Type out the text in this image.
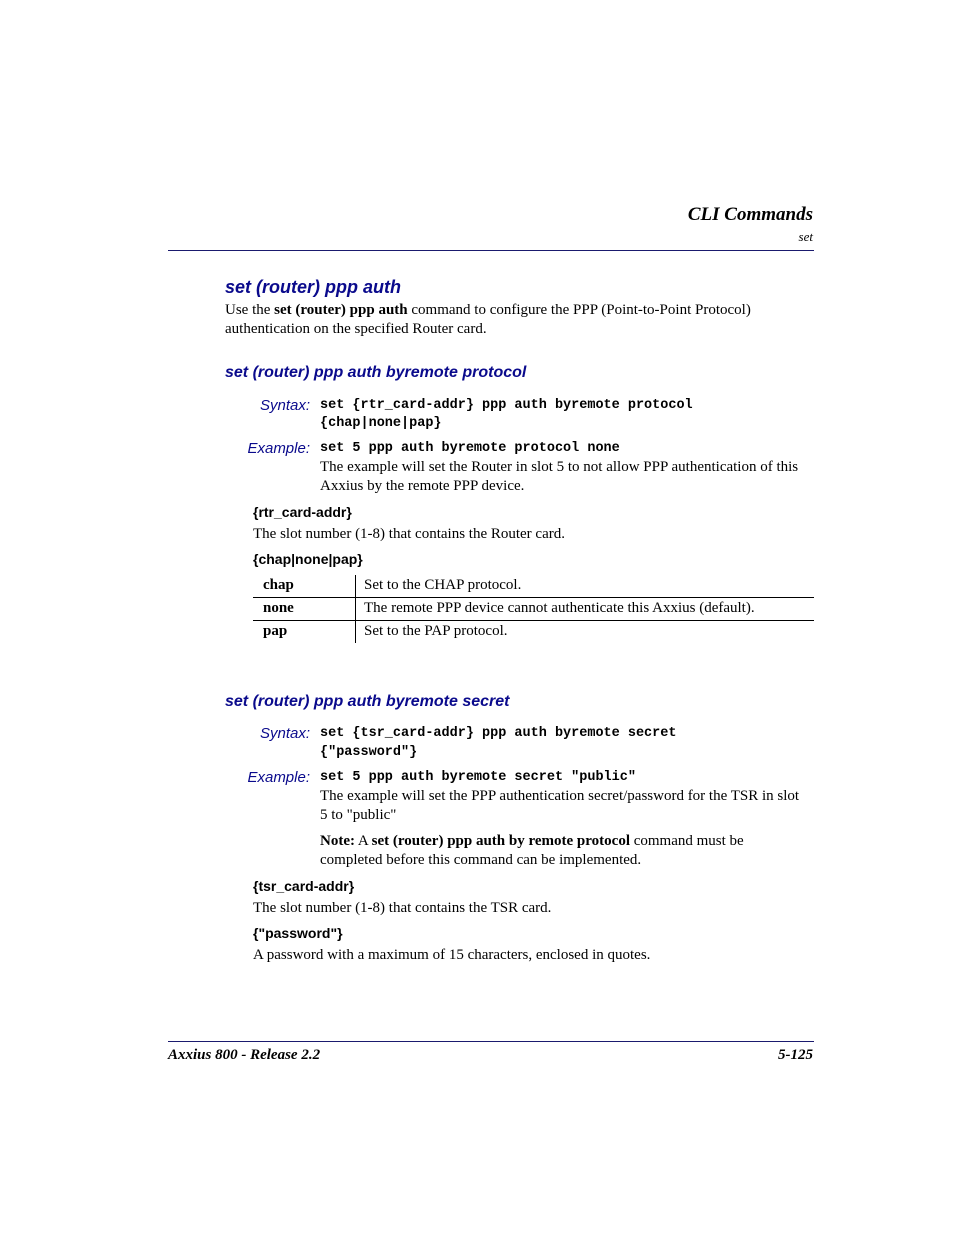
CLI Commands
set
set (router) ppp auth
Use the set (router) ppp auth command to configure the PPP (Point-to-Point Protocol)
authentication on the specified Router card.
set (router) ppp auth byremote protocol
Syntax: set {rtr_card-addr} ppp auth byremote protocol
{chap|none|pap}
Example: set 5 ppp auth byremote protocol none
The example will set the Router in slot 5 to not allow PPP authentication of this
Axxius by the remote PPP device.
{rtr_card-addr}
The slot number (1-8) that contains the Router card.
{chap|none|pap}
chap	Set to the CHAP protocol.
none	The remote PPP device cannot authenticate this Axxius (default).
pap	Set to the PAP protocol.
set (router) ppp auth byremote secret
Syntax: set {tsr_card-addr} ppp auth byremote secret
{"password"}
Example: set 5 ppp auth byremote secret "public"
The example will set the PPP authentication secret/password for the TSR in slot
5 to "public"
Note: A set (router) ppp auth by remote protocol command must be
completed before this command can be implemented.
{tsr_card-addr}
The slot number (1-8) that contains the TSR card.
{"password"}
A password with a maximum of 15 characters, enclosed in quotes.
Axxius 800 - Release 2.2	5-125
